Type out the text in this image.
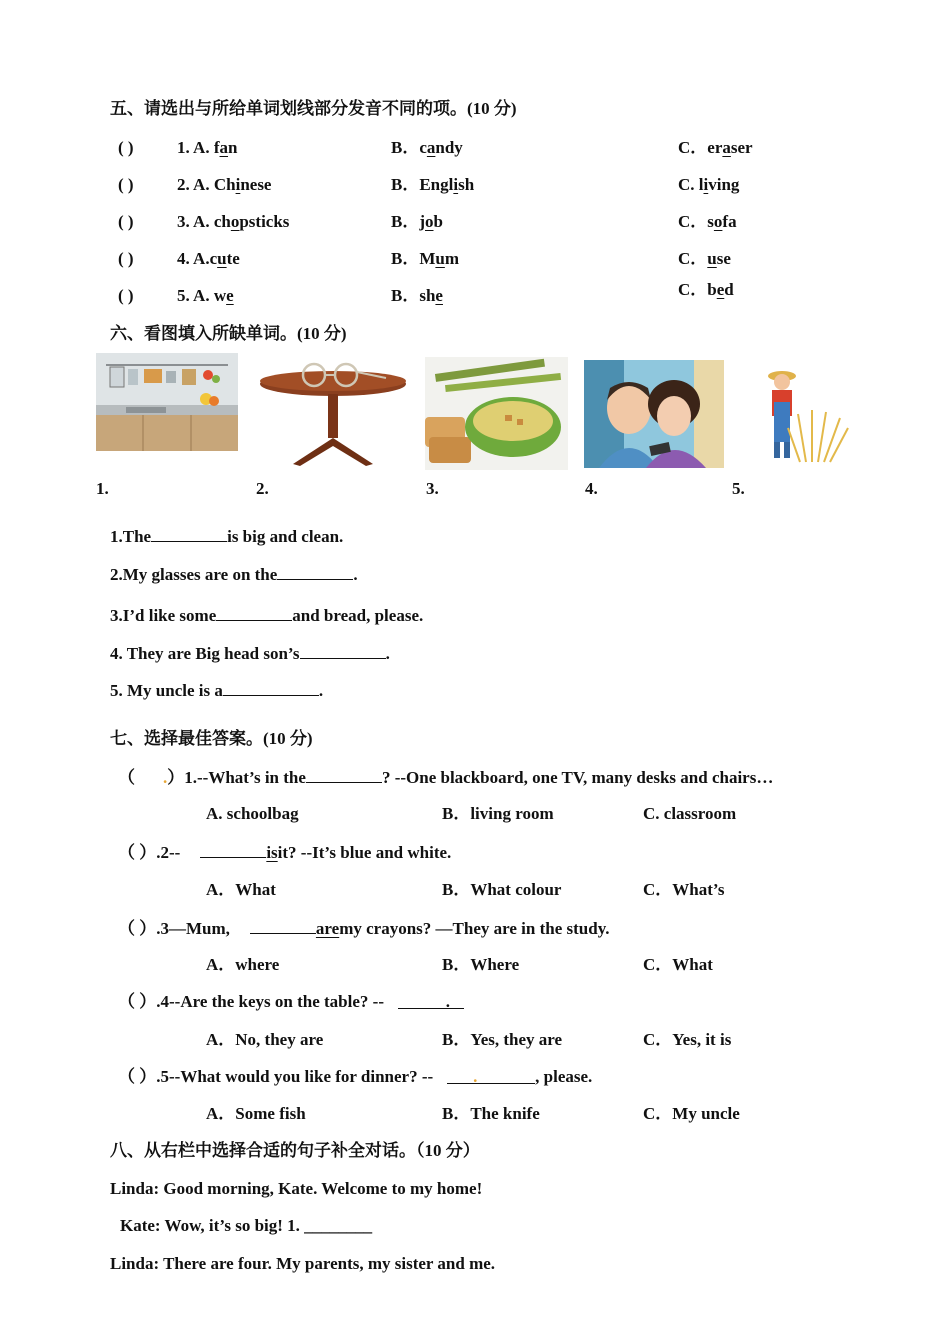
五、请选出与所给单词划线部分发音不同的项。(10 分)
( )	1. A. fan	B．candy	C．eraser
( )	2. A. Chinese	B．English	C. living
( )	3. A. chopsticks	B．job	C．sofa
( )	4. A.cute	B．Mum	C．use
( )	5. A. we	B．she	C．bed
六、看图填入所缺单词。(10 分)
1.	2.	3.	4.	5.
1.The	is big and clean.
2.My glasses are on the	.
3.I’d like some	and bread, please.
4. They are Big head son’s	.
5. My uncle is a	.
七、选择最佳答案。(10 分)
（ .）1.--What’s in the	? --One blackboard, one TV, many desks and chairs…
A. schoolbag	B．living room	C. classroom
（ ）.2--	isit? --It’s blue and white.
A．What	B．What colour	C．What’s
（ ）.3—Mum,	aremy crayons? —They are in the study.
A．where	B．Where	C．What
（ ）.4--Are the keys on the table? --	.
A．No, they are	B．Yes, they are	C．Yes, it is
（ ）.5--What would you like for dinner? -- .	, please.
A．Some fish	B．The knife	C．My uncle
八、从右栏中选择合适的句子补全对话。（10 分）
Linda: Good morning, Kate. Welcome to my home!
Kate: Wow, it’s so big! 1. ________
Linda: There are four. My parents, my sister and me.
